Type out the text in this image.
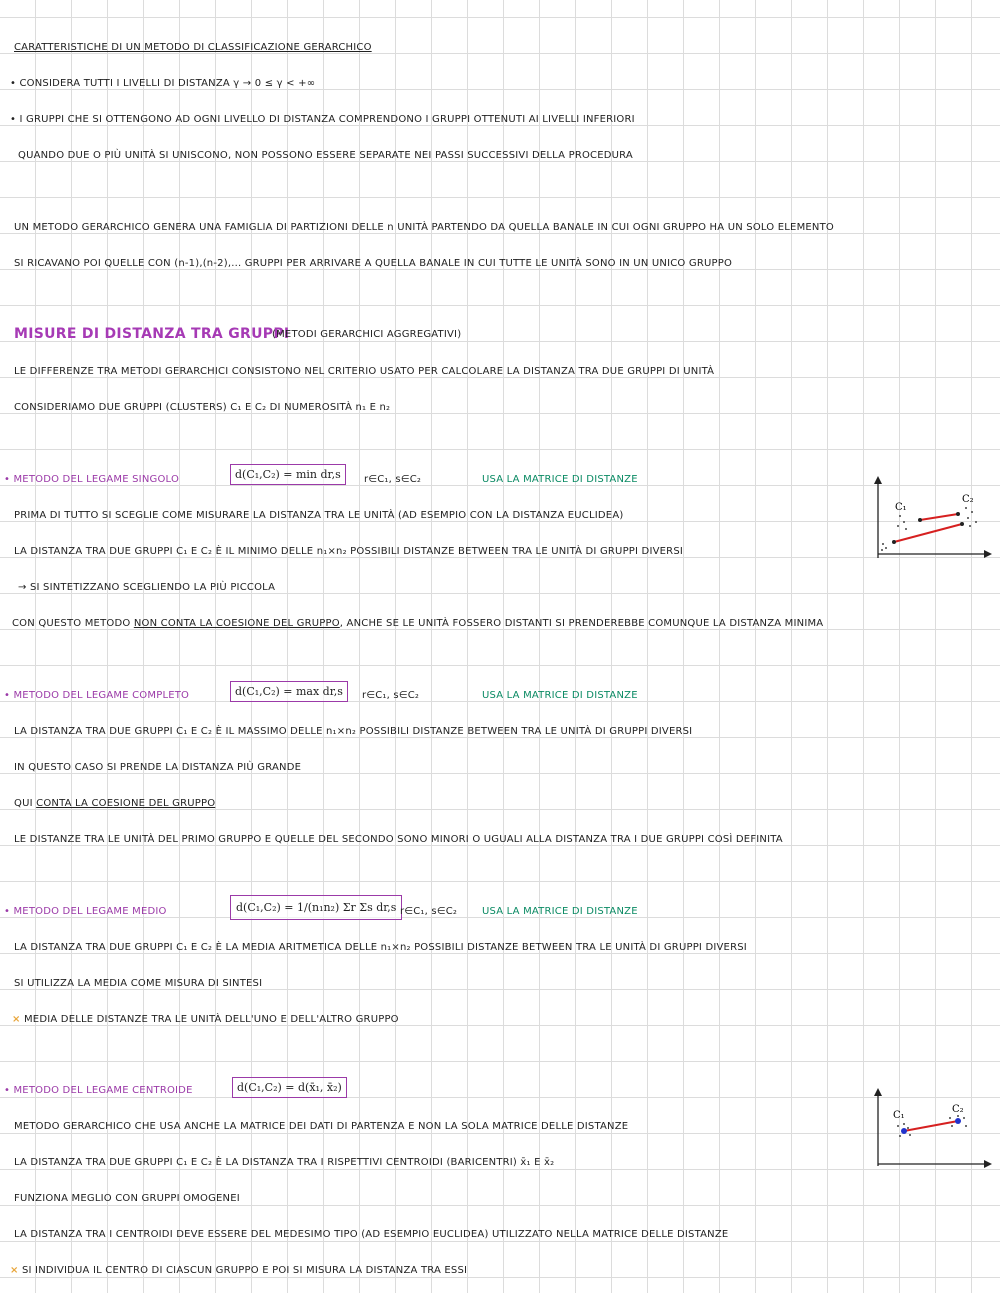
CARATTERISTICHE DI UN METODO DI CLASSIFICAZIONE GERARCHICO
• CONSIDERA TUTTI I LIVELLI DI DISTANZA γ → 0 ≤ γ < +∞
• I GRUPPI CHE SI OTTENGONO AD OGNI LIVELLO DI DISTANZA COMPRENDONO I GRUPPI OTTENUTI AI LIVELLI INFERIORI
QUANDO DUE O PIÙ UNITÀ SI UNISCONO, NON POSSONO ESSERE SEPARATE NEI PASSI SUCCESSIVI DELLA PROCEDURA
UN METODO GERARCHICO GENERA UNA FAMIGLIA DI PARTIZIONI DELLE n UNITÀ PARTENDO DA QUELLA BANALE IN CUI OGNI GRUPPO HA UN SOLO ELEMENTO
SI RICAVANO POI QUELLE CON (n-1),(n-2),... GRUPPI PER ARRIVARE A QUELLA BANALE IN CUI TUTTE LE UNITÀ SONO IN UN UNICO GRUPPO
MISURE DI DISTANZA TRA GRUPPI
(METODI GERARCHICI AGGREGATIVI)
LE DIFFERENZE TRA METODI GERARCHICI CONSISTONO NEL CRITERIO USATO PER CALCOLARE LA DISTANZA TRA DUE GRUPPI DI UNITÀ
CONSIDERIAMO DUE GRUPPI (CLUSTERS) C₁ E C₂ DI NUMEROSITÀ n₁ E n₂
• METODO DEL LEGAME SINGOLO	d(C₁,C₂) = min dr,s	r∈C₁, s∈C₂	USA LA MATRICE DI DISTANZE
PRIMA DI TUTTO SI SCEGLIE COME MISURARE LA DISTANZA TRA LE UNITÀ (AD ESEMPIO CON LA DISTANZA EUCLIDEA)
LA DISTANZA TRA DUE GRUPPI C₁ E C₂ È IL MINIMO DELLE n₁×n₂ POSSIBILI DISTANZE BETWEEN TRA LE UNITÀ DI GRUPPI DIVERSI
→ SI SINTETIZZANO SCEGLIENDO LA PIÙ PICCOLA
CON QUESTO METODO NON CONTA LA COESIONE DEL GRUPPO, ANCHE SE LE UNITÀ FOSSERO DISTANTI SI PRENDEREBBE COMUNQUE LA DISTANZA MINIMA
C₁
C₂
• METODO DEL LEGAME COMPLETO	d(C₁,C₂) = max dr,s	r∈C₁, s∈C₂	USA LA MATRICE DI DISTANZE
LA DISTANZA TRA DUE GRUPPI C₁ E C₂ È IL MASSIMO DELLE n₁×n₂ POSSIBILI DISTANZE BETWEEN TRA LE UNITÀ DI GRUPPI DIVERSI
IN QUESTO CASO SI PRENDE LA DISTANZA PIÙ GRANDE
QUI CONTA LA COESIONE DEL GRUPPO
LE DISTANZE TRA LE UNITÀ DEL PRIMO GRUPPO E QUELLE DEL SECONDO SONO MINORI O UGUALI ALLA DISTANZA TRA I DUE GRUPPI COSÌ DEFINITA
• METODO DEL LEGAME MEDIO	d(C₁,C₂) = 1/(n₁n₂) Σr Σs dr,s r∈C₁, s∈C₂ USA LA MATRICE DI DISTANZE
LA DISTANZA TRA DUE GRUPPI C₁ E C₂ È LA MEDIA ARITMETICA DELLE n₁×n₂ POSSIBILI DISTANZE BETWEEN TRA LE UNITÀ DI GRUPPI DIVERSI
SI UTILIZZA LA MEDIA COME MISURA DI SINTESI
× MEDIA DELLE DISTANZE TRA LE UNITÀ DELL'UNO E DELL'ALTRO GRUPPO
• METODO DEL LEGAME CENTROIDE	d(C₁,C₂) = d(x̄₁, x̄₂)
METODO GERARCHICO CHE USA ANCHE LA MATRICE DEI DATI DI PARTENZA E NON LA SOLA MATRICE DELLE DISTANZE
LA DISTANZA TRA DUE GRUPPI C₁ E C₂ È LA DISTANZA TRA I RISPETTIVI CENTROIDI (BARICENTRI) x̄₁ E x̄₂
FUNZIONA MEGLIO CON GRUPPI OMOGENEI
LA DISTANZA TRA I CENTROIDI DEVE ESSERE DEL MEDESIMO TIPO (AD ESEMPIO EUCLIDEA) UTILIZZATO NELLA MATRICE DELLE DISTANZE
× SI INDIVIDUA IL CENTRO DI CIASCUN GRUPPO E POI SI MISURA LA DISTANZA TRA ESSI
C₁
C₂
